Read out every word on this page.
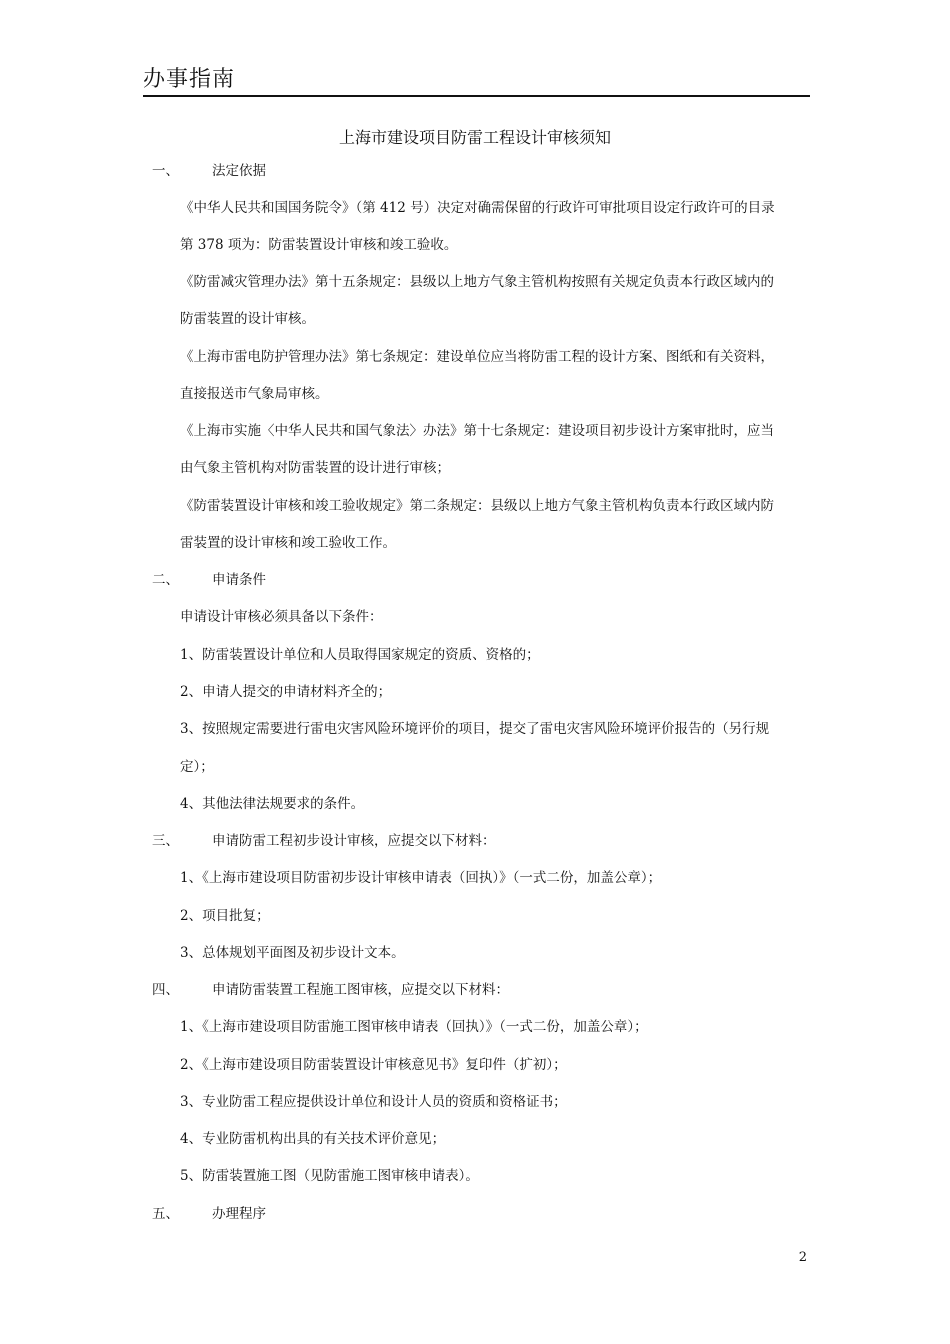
办事指南
上海市建设项目防雷工程设计审核须知
一、 法定依据
《中华人民共和国国务院令》（第 412 号）决定对确需保留的行政许可审批项目设定行政许可的目录
第 378 项为：防雷装置设计审核和竣工验收。
《防雷减灾管理办法》第十五条规定：县级以上地方气象主管机构按照有关规定负责本行政区域内的
防雷装置的设计审核。
《上海市雷电防护管理办法》第七条规定：建设单位应当将防雷工程的设计方案、图纸和有关资料，
直接报送市气象局审核。
《上海市实施〈中华人民共和国气象法〉办法》第十七条规定：建设项目初步设计方案审批时，应当
由气象主管机构对防雷装置的设计进行审核；
《防雷装置设计审核和竣工验收规定》第二条规定：县级以上地方气象主管机构负责本行政区域内防
雷装置的设计审核和竣工验收工作。
二、 申请条件
申请设计审核必须具备以下条件：
1、防雷装置设计单位和人员取得国家规定的资质、资格的；
2、申请人提交的申请材料齐全的；
3、按照规定需要进行雷电灾害风险环境评价的项目，提交了雷电灾害风险环境评价报告的（另行规
定）；
4、其他法律法规要求的条件。
三、 申请防雷工程初步设计审核，应提交以下材料：
1、《上海市建设项目防雷初步设计审核申请表（回执）》（一式二份，加盖公章）；
2、项目批复；
3、总体规划平面图及初步设计文本。
四、 申请防雷装置工程施工图审核，应提交以下材料：
1、《上海市建设项目防雷施工图审核申请表（回执）》（一式二份，加盖公章）；
2、《上海市建设项目防雷装置设计审核意见书》复印件（扩初）；
3、专业防雷工程应提供设计单位和设计人员的资质和资格证书；
4、专业防雷机构出具的有关技术评价意见；
5、防雷装置施工图（见防雷施工图审核申请表）。
五、 办理程序
2
